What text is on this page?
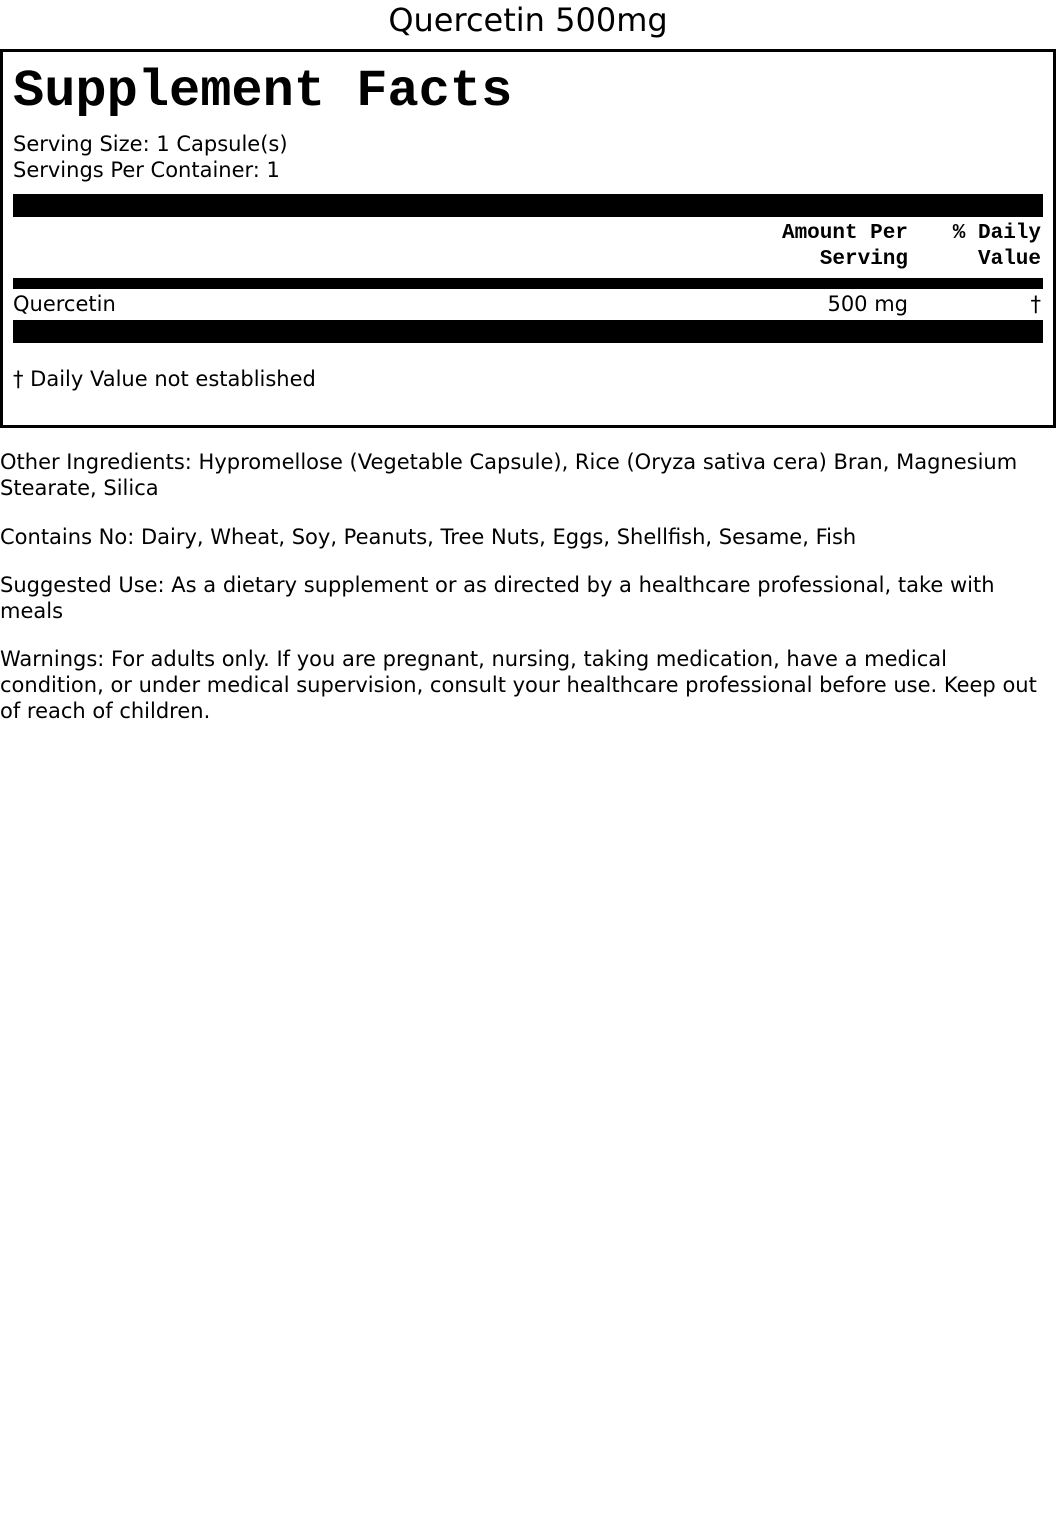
Quercetin 500mg
Supplement Facts
Serving Size: 1 Capsule(s)
Servings Per Container: 1
Amount Per
Serving
% Daily
Value
Quercetin	500 mg	†
† Daily Value not established
Other Ingredients: Hypromellose (Vegetable Capsule), Rice (Oryza sativa cera) Bran, Magnesium Stearate, Silica
Contains No: Dairy, Wheat, Soy, Peanuts, Tree Nuts, Eggs, Shellfish, Sesame, Fish
Suggested Use: As a dietary supplement or as directed by a healthcare professional, take with meals
Warnings: For adults only. If you are pregnant, nursing, taking medication, have a medical condition, or under medical supervision, consult your healthcare professional before use. Keep out of reach of children.
